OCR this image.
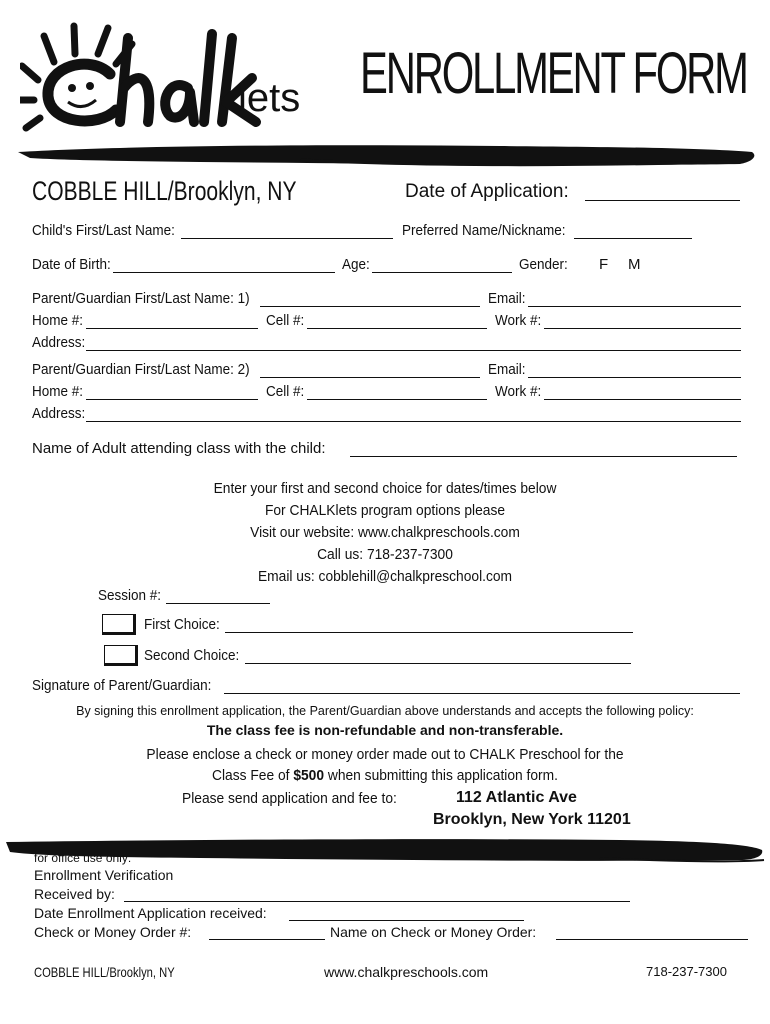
lets ENROLLMENT FORM
COBBLE HILL/Brooklyn, NY	Date of Application:
Child's First/Last Name:	Preferred Name/Nickname:
Date of Birth:	Age:	Gender: F M
Parent/Guardian First/Last Name: 1)	Email:
Home #:	Cell #:	Work #:
Address:
Parent/Guardian First/Last Name: 2)	Email:
Home #:	Cell #:	Work #:
Address:
Name of Adult attending class with the child:
Enter your first and second choice for dates/times below
For CHALKlets program options please
Visit our website: www.chalkpreschools.com
Call us: 718-237-7300
Email us: cobblehill@chalkpreschool.com
Session #:
First Choice:
Second Choice:
Signature of Parent/Guardian:
By signing this enrollment application, the Parent/Guardian above understands and accepts the following policy:
The class fee is non-refundable and non-transferable.
Please enclose a check or money order made out to CHALK Preschool for the
Class Fee of $500 when submitting this application form.
Please send application and fee to:	112 Atlantic Ave
Brooklyn, New York 11201
for office use only:
Enrollment Verification
Received by:
Date Enrollment Application received:
Check or Money Order #:	Name on Check or Money Order:
COBBLE HILL/Brooklyn, NY	www.chalkpreschools.com	718-237-7300
